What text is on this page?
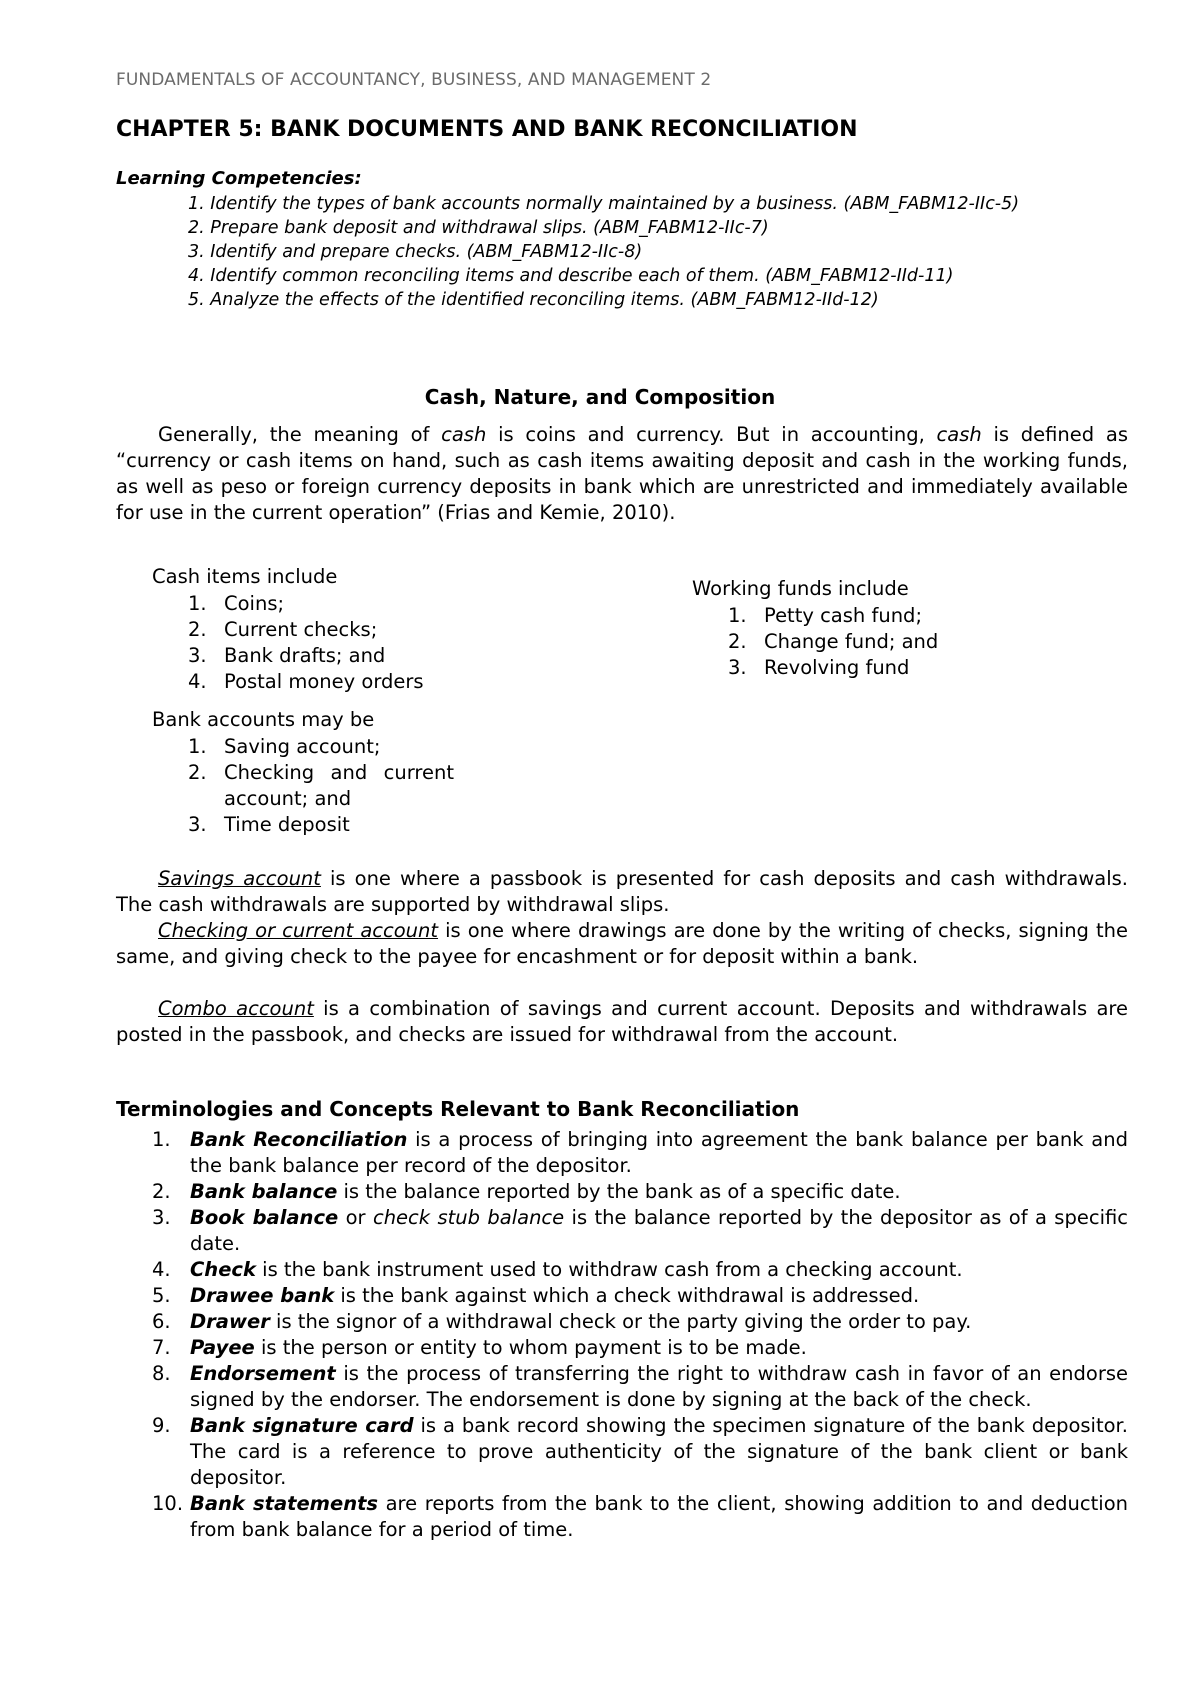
FUNDAMENTALS OF ACCOUNTANCY, BUSINESS, AND MANAGEMENT 2
CHAPTER 5: BANK DOCUMENTS AND BANK RECONCILIATION
Learning Competencies:
1. Identify the types of bank accounts normally maintained by a business. (ABM_FABM12-IIc-5)
2. Prepare bank deposit and withdrawal slips. (ABM_FABM12-IIc-7)
3. Identify and prepare checks. (ABM_FABM12-IIc-8)
4. Identify common reconciling items and describe each of them. (ABM_FABM12-IId-11)
5. Analyze the effects of the identified reconciling items. (ABM_FABM12-IId-12)
Cash, Nature, and Composition
Generally, the meaning of cash is coins and currency. But in accounting, cash is defined as “currency or cash items on hand, such as cash items awaiting deposit and cash in the working funds, as well as peso or foreign currency deposits in bank which are unrestricted and immediately available for use in the current operation” (Frias and Kemie, 2010).
Cash items include
1. Coins;
2. Current checks;
3. Bank drafts; and
4. Postal money orders
Working funds include
1. Petty cash fund;
2. Change fund; and
3. Revolving fund
Bank accounts may be
1. Saving account;
2. Checking and current account; and
3. Time deposit
Savings account is one where a passbook is presented for cash deposits and cash withdrawals. The cash withdrawals are supported by withdrawal slips.
Checking or current account is one where drawings are done by the writing of checks, signing the same, and giving check to the payee for encashment or for deposit within a bank.
Combo account is a combination of savings and current account. Deposits and withdrawals are posted in the passbook, and checks are issued for withdrawal from the account.
Terminologies and Concepts Relevant to Bank Reconciliation
1. Bank Reconciliation is a process of bringing into agreement the bank balance per bank and the bank balance per record of the depositor.
2. Bank balance is the balance reported by the bank as of a specific date.
3. Book balance or check stub balance is the balance reported by the depositor as of a specific date.
4. Check is the bank instrument used to withdraw cash from a checking account.
5. Drawee bank is the bank against which a check withdrawal is addressed.
6. Drawer is the signor of a withdrawal check or the party giving the order to pay.
7. Payee is the person or entity to whom payment is to be made.
8. Endorsement is the process of transferring the right to withdraw cash in favor of an endorse signed by the endorser. The endorsement is done by signing at the back of the check.
9. Bank signature card is a bank record showing the specimen signature of the bank depositor. The card is a reference to prove authenticity of the signature of the bank client or bank depositor.
10. Bank statements are reports from the bank to the client, showing addition to and deduction from bank balance for a period of time.
